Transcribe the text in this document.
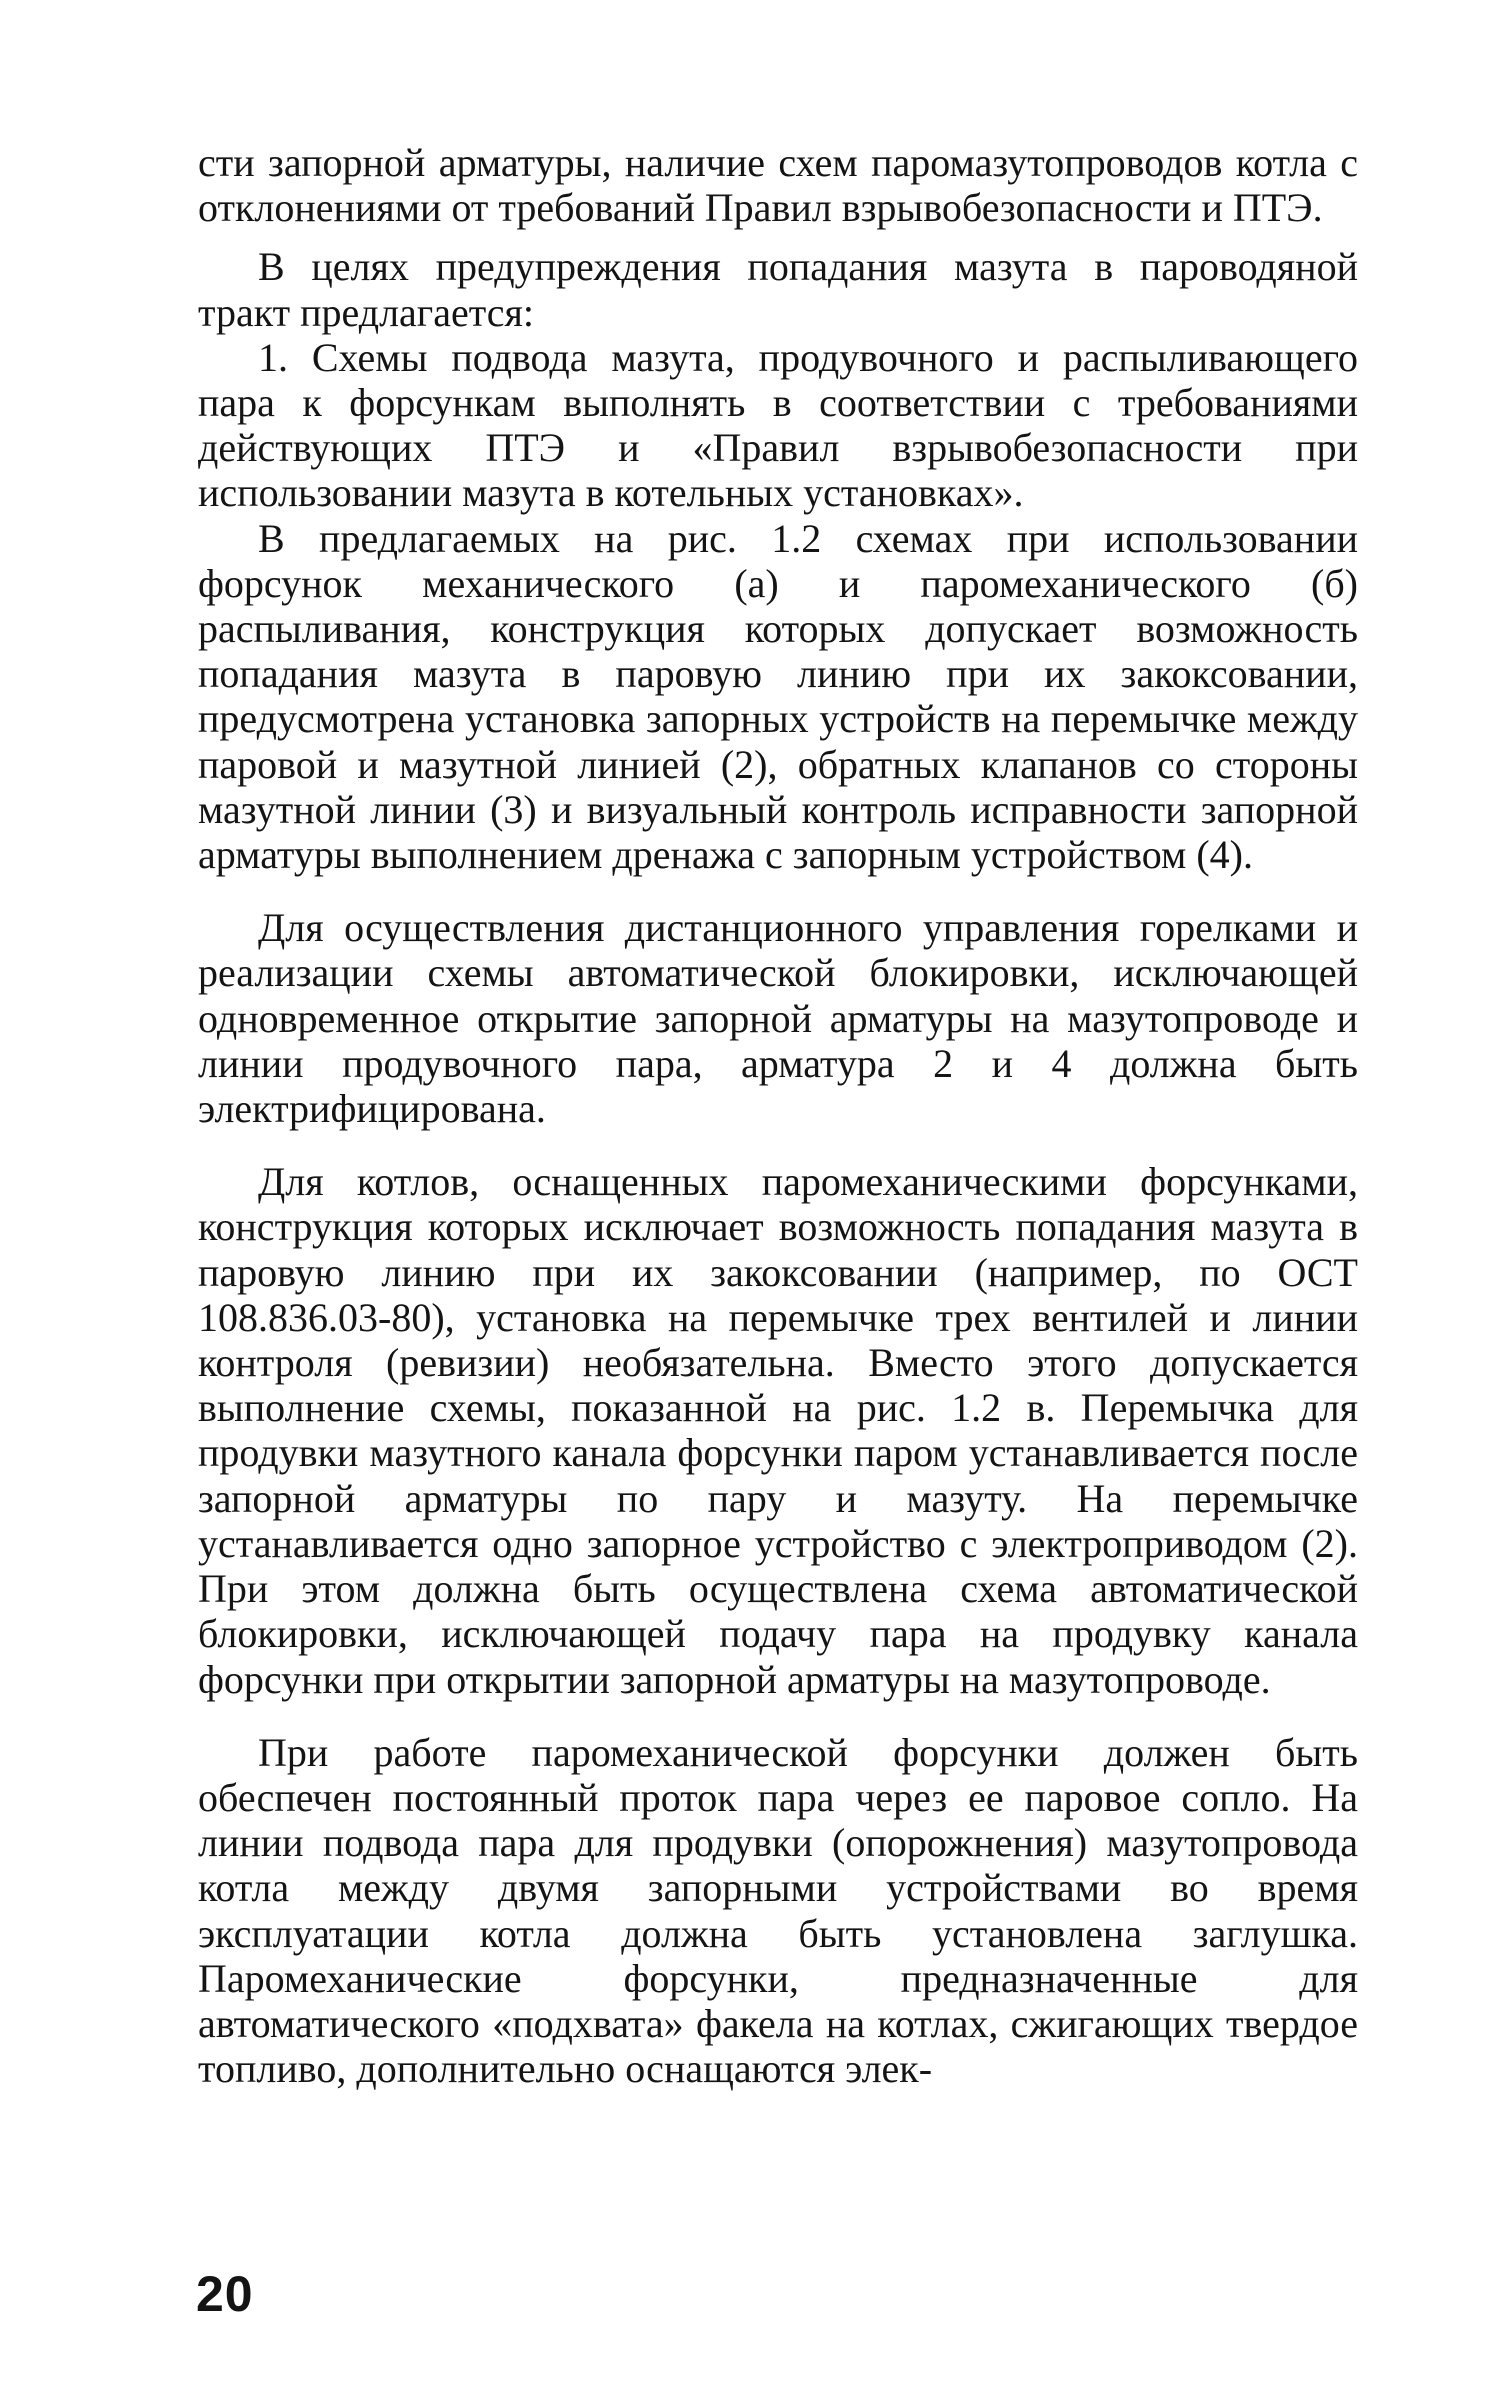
сти запорной арматуры, наличие схем паромазутопроводов котла с отклонениями от требований Правил взрывобезопасности и ПТЭ.

В целях предупреждения попадания мазута в пароводяной тракт предлагается:

1. Схемы подвода мазута, продувочного и распыливающего пара к форсункам выполнять в соответствии с требованиями действующих ПТЭ и «Правил взрывобезопасности при использовании мазута в котельных установках».

В предлагаемых на рис. 1.2 схемах при использовании форсунок механического (а) и паромеханического (б) распыливания, конструкция которых допускает возможность попадания мазута в паровую линию при их закоксовании, предусмотрена установка запорных устройств на перемычке между паровой и мазутной линией (2), обратных клапанов со стороны мазутной линии (3) и визуальный контроль исправности запорной арматуры выполнением дренажа с запорным устройством (4).

Для осуществления дистанционного управления горелками и реализации схемы автоматической блокировки, исключающей одновременное открытие запорной арматуры на мазутопроводе и линии продувочного пара, арматура 2 и 4 должна быть электрифицирована.

Для котлов, оснащенных паромеханическими форсунками, конструкция которых исключает возможность попадания мазута в паровую линию при их закоксовании (например, по ОСТ 108.836.03-80), установка на перемычке трех вентилей и линии контроля (ревизии) необязательна. Вместо этого допускается выполнение схемы, показанной на рис. 1.2 в. Перемычка для продувки мазутного канала форсунки паром устанавливается после запорной арматуры по пару и мазуту. На перемычке устанавливается одно запорное устройство с электроприводом (2). При этом должна быть осуществлена схема автоматической блокировки, исключающей подачу пара на продувку канала форсунки при открытии запорной арматуры на мазутопроводе.

При работе паромеханической форсунки должен быть обеспечен постоянный проток пара через ее паровое сопло. На линии подвода пара для продувки (опорожнения) мазутопровода котла между двумя запорными устройствами во время эксплуатации котла должна быть установлена заглушка. Паромеханические форсунки, предназначенные для автоматического «подхвата» факела на котлах, сжигающих твердое топливо, дополнительно оснащаются элек-

20
